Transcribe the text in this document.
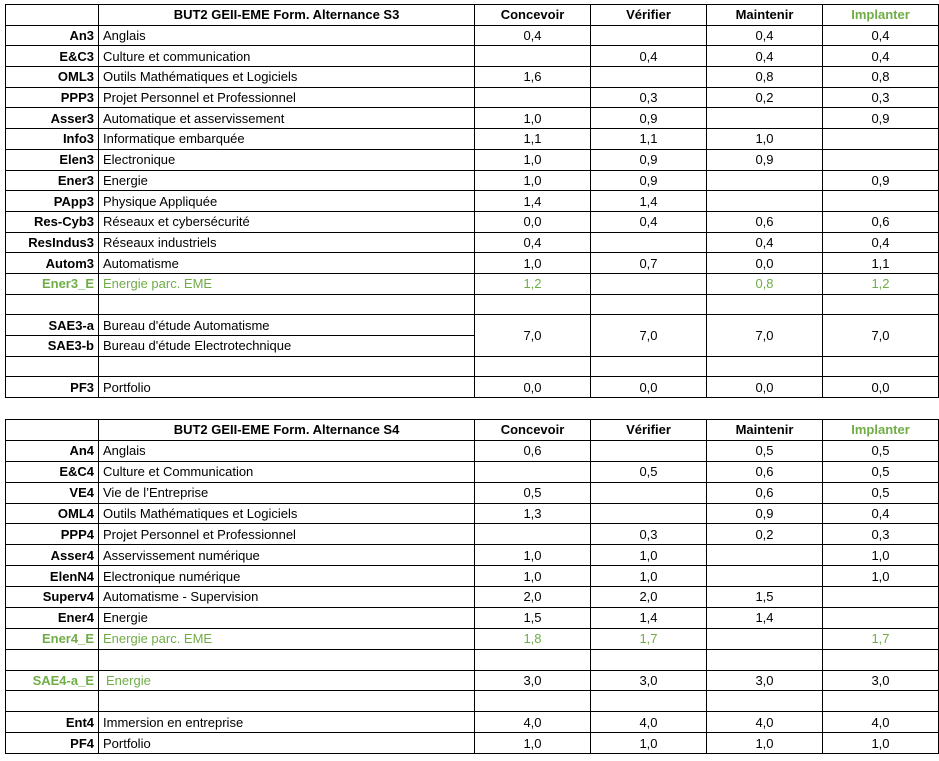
	BUT2 GEII-EME Form. Alternance S3	Concevoir	Vérifier	Maintenir	Implanter
An3	Anglais	0,4		0,4	0,4
E&C3	Culture et communication		0,4	0,4	0,4
OML3	Outils Mathématiques et Logiciels	1,6		0,8	0,8
PPP3	Projet Personnel et Professionnel		0,3	0,2	0,3
Asser3	Automatique et asservissement	1,0	0,9		0,9
Info3	Informatique embarquée	1,1	1,1	1,0	
Elen3	Electronique	1,0	0,9	0,9	
Ener3	Energie	1,0	0,9		0,9
PApp3	Physique Appliquée	1,4	1,4		
Res-Cyb3	Réseaux et cybersécurité	0,0	0,4	0,6	0,6
ResIndus3	Réseaux industriels	0,4		0,4	0,4
Autom3	Automatisme	1,0	0,7	0,0	1,1
Ener3_E	Energie parc. EME	1,2		0,8	1,2

SAE3-a	Bureau d'étude Automatisme	7,0	7,0	7,0	7,0
SAE3-b	Bureau d'étude Electrotechnique				

PF3	Portfolio	0,0	0,0	0,0	0,0
	BUT2 GEII-EME Form. Alternance S4	Concevoir	Vérifier	Maintenir	Implanter
An4	Anglais	0,6		0,5	0,5
E&C4	Culture et Communication		0,5	0,6	0,5
VE4	Vie de l’Entreprise	0,5		0,6	0,5
OML4	Outils Mathématiques et Logiciels	1,3		0,9	0,4
PPP4	Projet Personnel et Professionnel		0,3	0,2	0,3
Asser4	Asservissement numérique	1,0	1,0		1,0
ElenN4	Electronique numérique	1,0	1,0		1,0
Superv4	Automatisme - Supervision	2,0	2,0	1,5	
Ener4	Energie	1,5	1,4	1,4	
Ener4_E	Energie parc. EME	1,8	1,7		1,7

SAE4-a_E	Energie	3,0	3,0	3,0	3,0

Ent4	Immersion en entreprise	4,0	4,0	4,0	4,0
PF4	Portfolio	1,0	1,0	1,0	1,0
